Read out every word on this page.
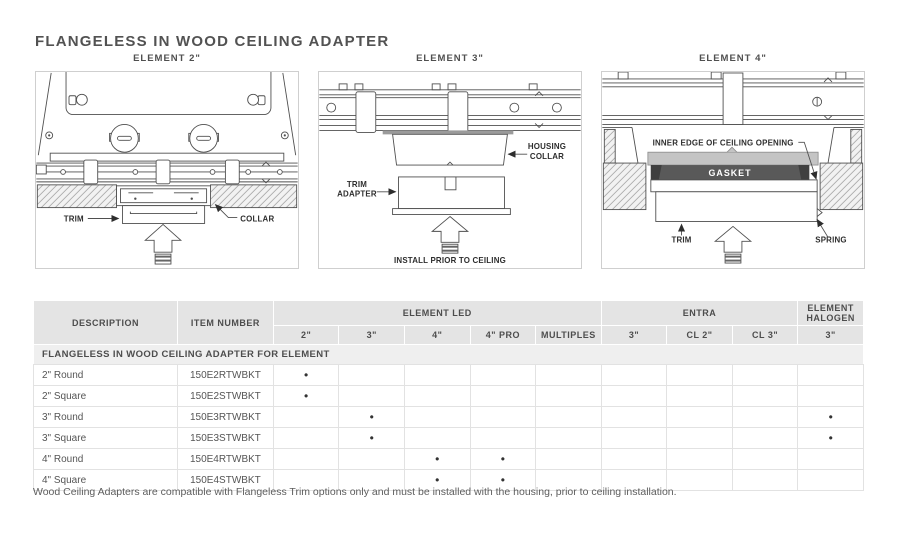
FLANGELESS IN WOOD CEILING ADAPTER
ELEMENT 2"
TRIM	COLLAR
ELEMENT 3"
HOUSING
COLLAR
TRIM
ADAPTER
INSTALL PRIOR TO CEILING
ELEMENT 4"
GASKET
INNER EDGE OF CEILING OPENING
TRIM	SPRING
DESCRIPTION	ITEM NUMBER	ELEMENT LED					ENTRA			ELEMENT HALOGEN
		2"	3"	4"	4" PRO	MULTIPLES	3"	CL 2"	CL 3"	3"
FLANGELESS IN WOOD CEILING ADAPTER FOR ELEMENT										
2" Round	150E2RTWBKT	•								
2" Square	150E2STWBKT	•								
3" Round	150E3RTWBKT		•							•
3" Square	150E3STWBKT		•							•
4" Round	150E4RTWBKT			•	•					
4" Square	150E4STWBKT			•	•					
Wood Ceiling Adapters are compatible with Flangeless Trim options only and must be installed with the housing, prior to ceiling installation.
